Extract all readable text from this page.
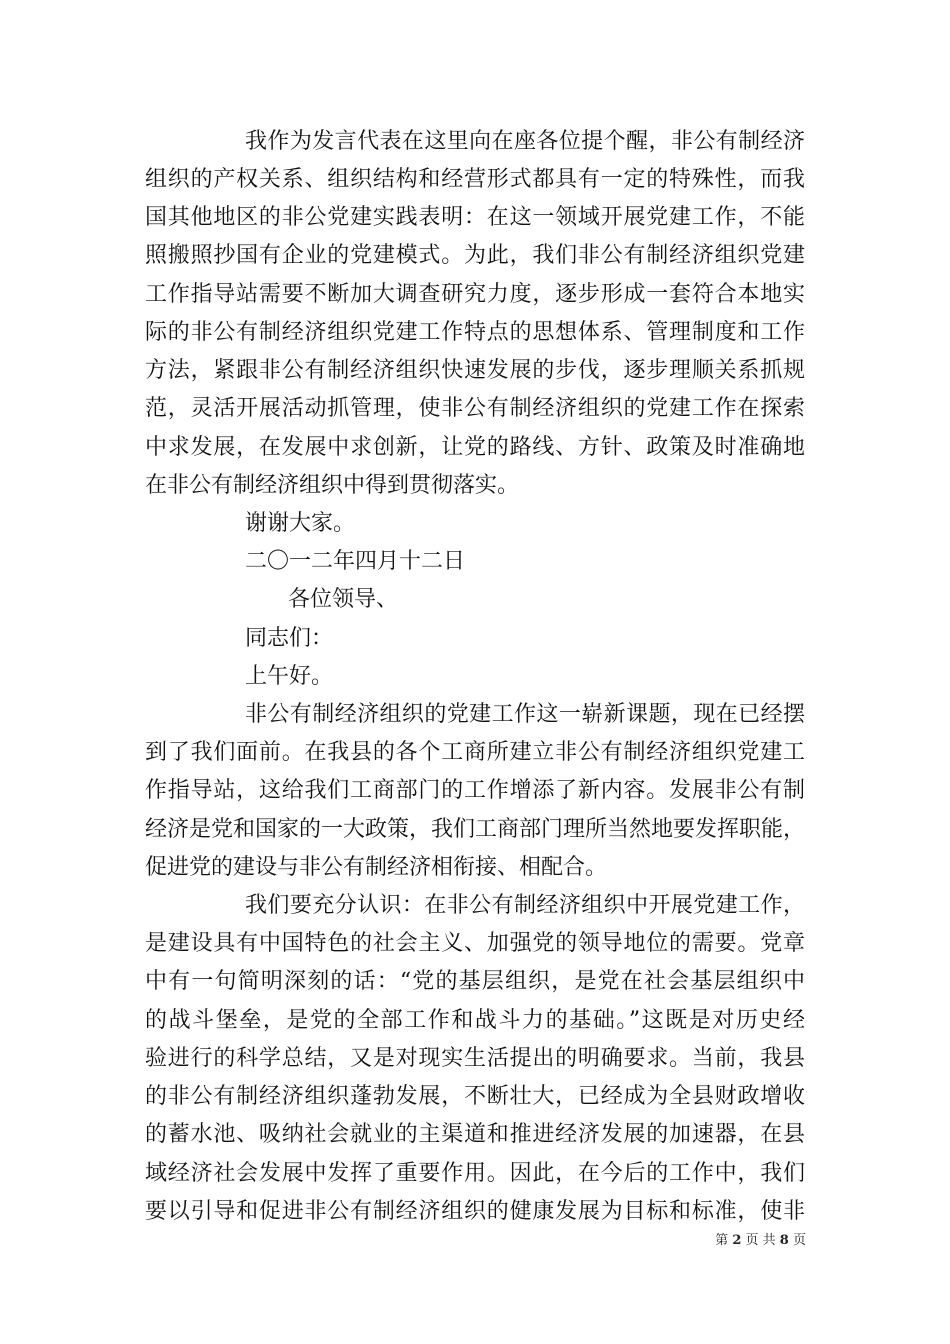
我作为发言代表在这里向在座各位提个醒，非公有制经济
组织的产权关系、组织结构和经营形式都具有一定的特殊性，而我
国其他地区的非公党建实践表明：在这一领域开展党建工作，不能
照搬照抄国有企业的党建模式。为此，我们非公有制经济组织党建
工作指导站需要不断加大调查研究力度，逐步形成一套符合本地实
际的非公有制经济组织党建工作特点的思想体系、管理制度和工作
方法，紧跟非公有制经济组织快速发展的步伐，逐步理顺关系抓规
范，灵活开展活动抓管理，使非公有制经济组织的党建工作在探索
中求发展，在发展中求创新，让党的路线、方针、政策及时准确地
在非公有制经济组织中得到贯彻落实。
谢谢大家。
二〇一二年四月十二日
各位领导、
同志们：
上午好。
非公有制经济组织的党建工作这一崭新课题，现在已经摆
到了我们面前。在我县的各个工商所建立非公有制经济组织党建工
作指导站，这给我们工商部门的工作增添了新内容。发展非公有制
经济是党和国家的一大政策，我们工商部门理所当然地要发挥职能，
促进党的建设与非公有制经济相衔接、相配合。
我们要充分认识：在非公有制经济组织中开展党建工作，
是建设具有中国特色的社会主义、加强党的领导地位的需要。党章
中有一句简明深刻的话：“党的基层组织，是党在社会基层组织中
的战斗堡垒，是党的全部工作和战斗力的基础。”这既是对历史经
验进行的科学总结，又是对现实生活提出的明确要求。当前，我县
的非公有制经济组织蓬勃发展，不断壮大，已经成为全县财政增收
的蓄水池、吸纳社会就业的主渠道和推进经济发展的加速器，在县
域经济社会发展中发挥了重要作用。因此，在今后的工作中，我们
要以引导和促进非公有制经济组织的健康发展为目标和标准，使非
第 2 页 共 8 页
